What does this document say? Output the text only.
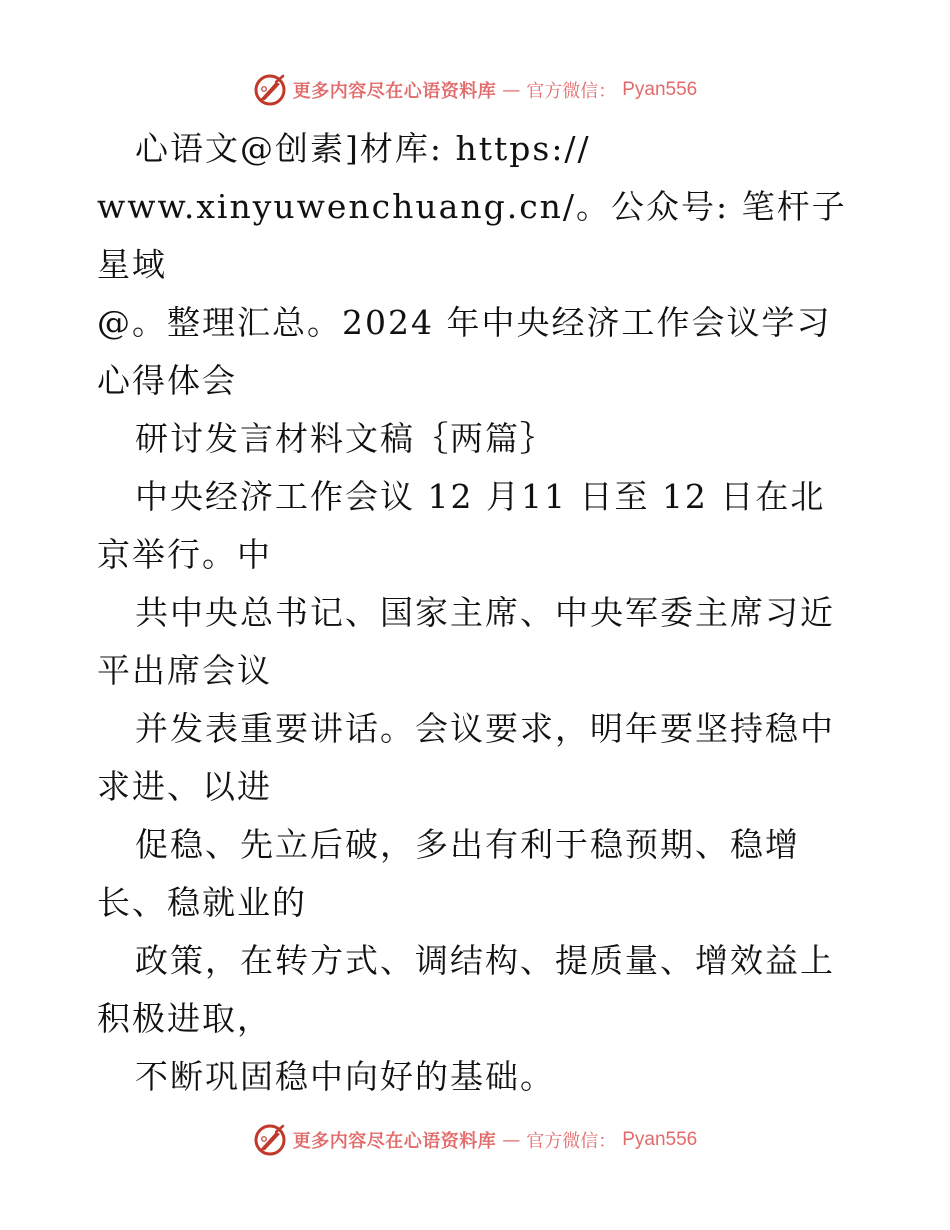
更多内容尽在心语资料库 — 官方微信： Pyan556

心语文@创素]材库: https://

www.xinyuwenchuang.cn/。公众号: 笔杆子星域

@。整理汇总。2024 年中央经济工作会议学习心得体会

研讨发言材料文稿｛两篇｝

中央经济工作会议 12 月11 日至 12 日在北京举行。中

共中央总书记、国家主席、中央军委主席习近平出席会议

并发表重要讲话。会议要求，明年要坚持稳中求进、以进

促稳、先立后破，多出有利于稳预期、稳增长、稳就业的

政策，在转方式、调结构、提质量、增效益上积极进取，

不断巩固稳中向好的基础。

更多内容尽在心语资料库 — 官方微信： Pyan556
